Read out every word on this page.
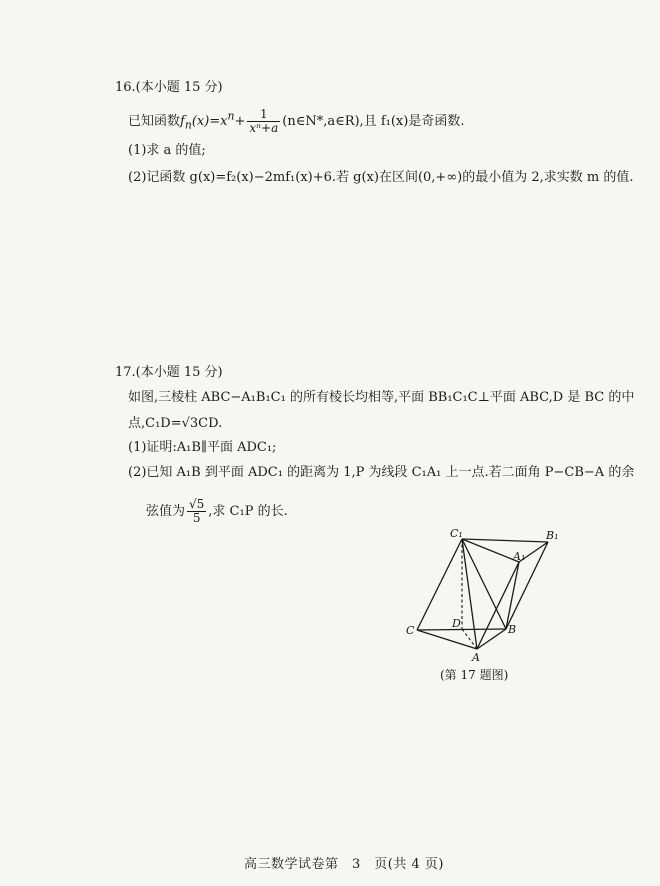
16.(本小题 15 分)
已知函数$f_n(x)=x^n+ \frac{1}{\text{xⁿ+a}}$ (n∈N*,a∈R),且 f₁(x)是奇函数.
(1)求 a 的值;
(2)记函数 g(x)=f₂(x)−2mf₁(x)+6.若 g(x)在区间(0,+∞)的最小值为 2,求实数 m 的值.
17.(本小题 15 分)
如图,三棱柱 ABC−A₁B₁C₁ 的所有棱长均相等,平面 BB₁C₁C⊥平面 ABC,D 是 BC 的中
点,C₁D=√3CD.
(1)证明:A₁B∥平面 ADC₁;
(2)已知 A₁B 到平面 ADC₁ 的距离为 1,P 为线段 C₁A₁ 上一点.若二面角 P−CB−A 的余
弦值为 $\frac{√5}{5}$ ,求 C₁P 的长.
C₁	B₁
A₁
C
D	B
A
(第 17 题图)
高三数学试卷第　3　页(共 4 页)
